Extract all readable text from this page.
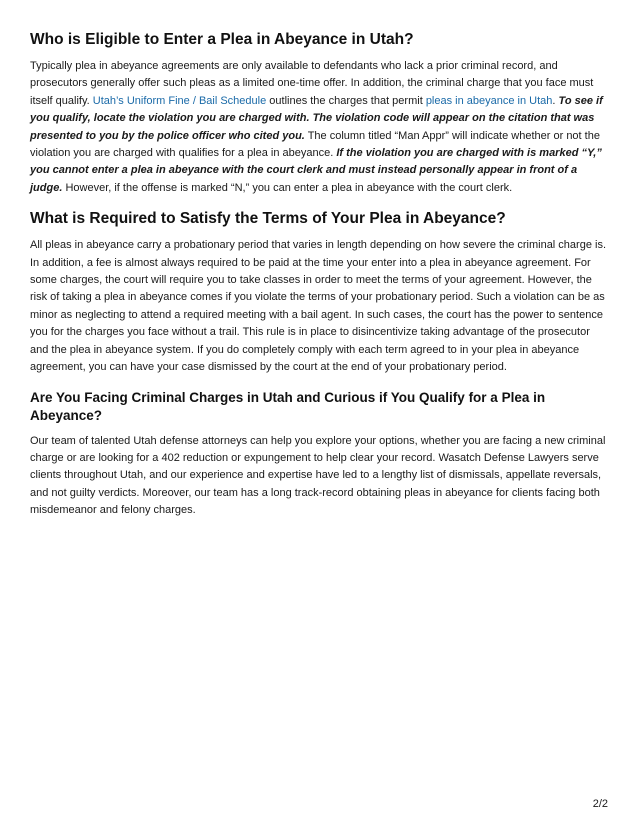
Who is Eligible to Enter a Plea in Abeyance in Utah?

Typically plea in abeyance agreements are only available to defendants who lack a prior criminal record, and prosecutors generally offer such pleas as a limited one-time offer. In addition, the criminal charge that you face must itself qualify. Utah’s Uniform Fine / Bail Schedule outlines the charges that permit pleas in abeyance in Utah. To see if you qualify, locate the violation you are charged with. The violation code will appear on the citation that was presented to you by the police officer who cited you. The column titled “Man Appr” will indicate whether or not the violation you are charged with qualifies for a plea in abeyance. If the violation you are charged with is marked “Y,” you cannot enter a plea in abeyance with the court clerk and must instead personally appear in front of a judge. However, if the offense is marked “N,” you can enter a plea in abeyance with the court clerk.

What is Required to Satisfy the Terms of Your Plea in Abeyance?

All pleas in abeyance carry a probationary period that varies in length depending on how severe the criminal charge is. In addition, a fee is almost always required to be paid at the time your enter into a plea in abeyance agreement. For some charges, the court will require you to take classes in order to meet the terms of your agreement. However, the risk of taking a plea in abeyance comes if you violate the terms of your probationary period. Such a violation can be as minor as neglecting to attend a required meeting with a bail agent. In such cases, the court has the power to sentence you for the charges you face without a trail. This rule is in place to disincentivize taking advantage of the prosecutor and the plea in abeyance system. If you do completely comply with each term agreed to in your plea in abeyance agreement, you can have your case dismissed by the court at the end of your probationary period.

Are You Facing Criminal Charges in Utah and Curious if You Qualify for a Plea in Abeyance?

Our team of talented Utah defense attorneys can help you explore your options, whether you are facing a new criminal charge or are looking for a 402 reduction or expungement to help clear your record. Wasatch Defense Lawyers serve clients throughout Utah, and our experience and expertise have led to a lengthy list of dismissals, appellate reversals, and not guilty verdicts. Moreover, our team has a long track-record obtaining pleas in abeyance for clients facing both misdemeanor and felony charges.

2/2
